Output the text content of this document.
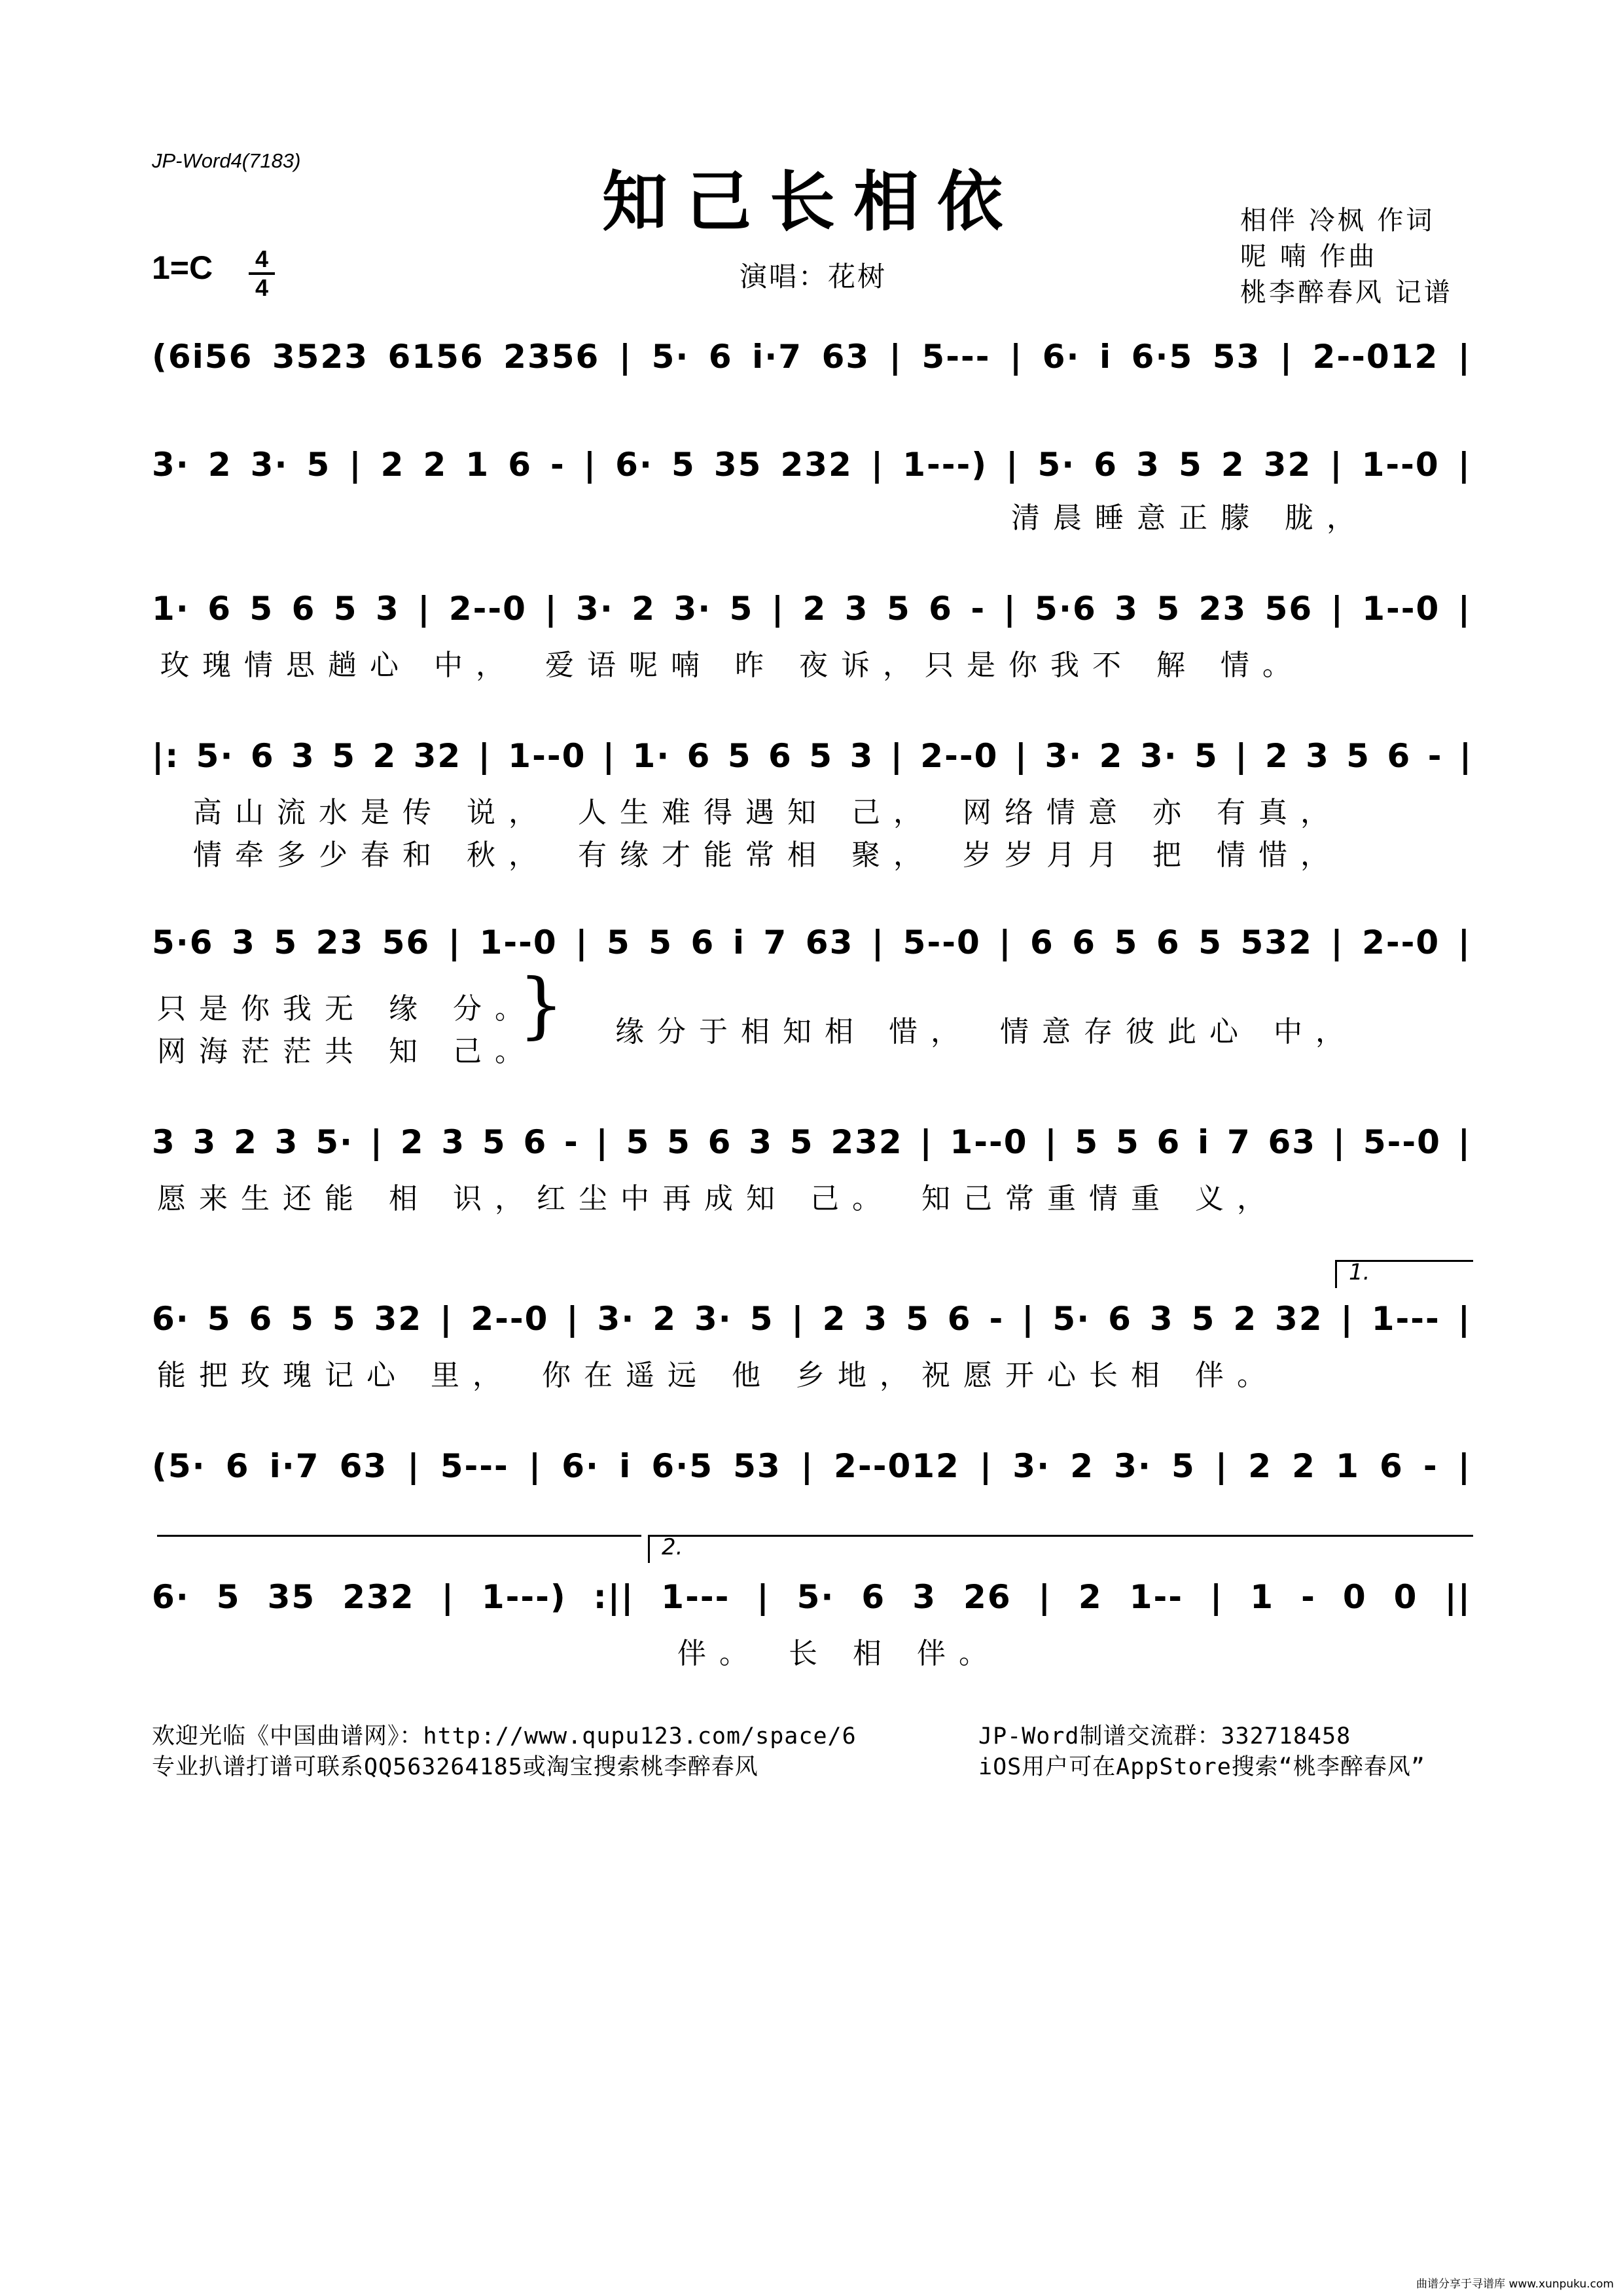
JP-Word4(7183)
知己长相依	相伴 冷枫 作词
呢 喃 作曲
桃李醉春风 记谱
1=C 4
4	演唱：花树
(6i56 3523 6156 2356 | 5· 6 i·7 63 | 5--- | 6· i 6·5 53 | 2--012 |
3· 2 3· 5 | 2 2 1 6 - | 6· 5 35 232 | 1---) | 5· 6 3 5 2 32 | 1--0 |
清晨睡意正朦 胧，
1· 6 5 6 5 3 | 2--0 | 3· 2 3· 5 | 2 3 5 6 - | 5·6 3 5 23 56 | 1--0 |
玫瑰情思趟心 中，　爱语呢喃 昨 夜诉，只是你我不 解 情。
|: 5· 6 3 5 2 32 | 1--0 | 1· 6 5 6 5 3 | 2--0 | 3· 2 3· 5 | 2 3 5 6 - |
高山流水是传 说，　人生难得遇知 己，　网络情意 亦 有真，
情牵多少春和 秋，　有缘才能常相 聚，　岁岁月月 把 情惜，
5·6 3 5 23 56 | 1--0 | 5 5 6 i 7 63 | 5--0 | 6 6 5 6 5 532 | 2--0 |
只是你我无 缘 分。
网海茫茫共 知 己。
} 缘分于相知相 惜，　情意存彼此心 中，
3 3 2 3 5· | 2 3 5 6 - | 5 5 6 3 5 232 | 1--0 | 5 5 6 i 7 63 | 5--0 |
愿来生还能 相 识，红尘中再成知 己。　知己常重情重 义，
1.
6· 5 6 5 5 32 | 2--0 | 3· 2 3· 5 | 2 3 5 6 - | 5· 6 3 5 2 32 | 1--- |
能把玫瑰记心 里，　你在遥远 他 乡地，祝愿开心长相 伴。
(5· 6 i·7 63 | 5--- | 6· i 6·5 53 | 2--012 | 3· 2 3· 5 | 2 2 1 6 - |
2.
6· 5 35 232 | 1---) :|| 1--- | 5· 6 3 26 | 2 1-- | 1 - 0 0 ||
伴。　长 相 伴。
欢迎光临《中国曲谱网》：http://www.qupu123.com/space/6
专业扒谱打谱可联系QQ563264185或淘宝搜索桃李醉春风
JP-Word制谱交流群：332718458
iOS用户可在AppStore搜索“桃李醉春风”
曲谱分享于寻谱库 www.xunpuku.com
